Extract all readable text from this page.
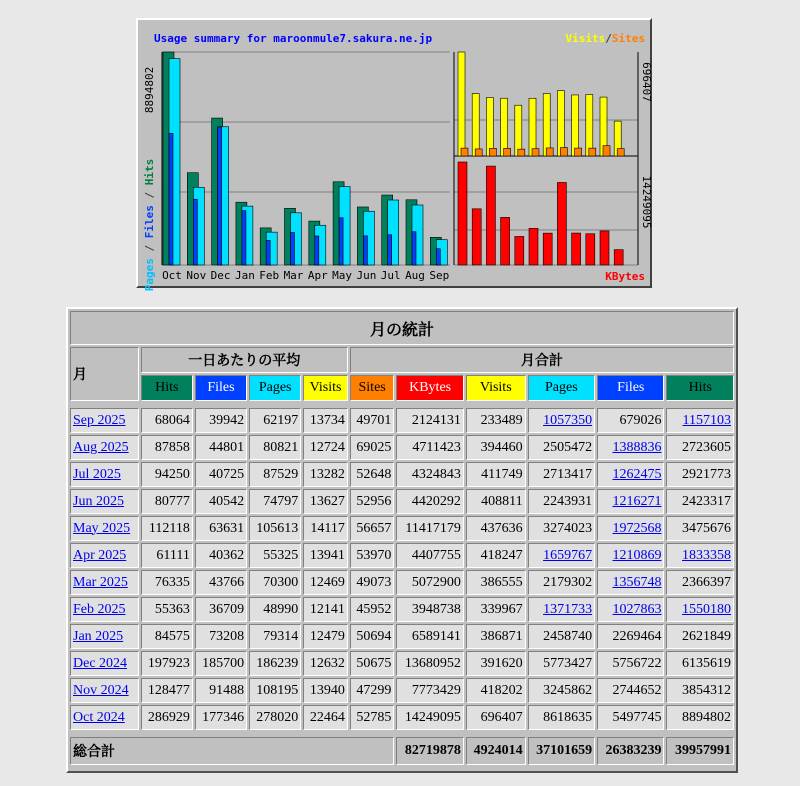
Usage summary for maroonmule7.sakura.ne.jp	Visits/Sites
KBytes
8894802	696407
14249095
Pages / Files / Hits
Oct Nov Dec Jan Feb Mar Apr May Jun Jul Aug Sep
月の統計										
月	一日あたりの平均				月合計					
	Hits	Files	Pages	Visits	Sites	KBytes	Visits	Pages	Files	Hits

Sep 2025	68064	39942	62197	13734	49701	2124131	233489	1057350	679026	1157103
Aug 2025	87858	44801	80821	12724	69025	4711423	394460	2505472	1388836	2723605
Jul 2025	94250	40725	87529	13282	52648	4324843	411749	2713417	1262475	2921773
Jun 2025	80777	40542	74797	13627	52956	4420292	408811	2243931	1216271	2423317
May 2025	112118	63631	105613	14117	56657	11417179	437636	3274023	1972568	3475676
Apr 2025	61111	40362	55325	13941	53970	4407755	418247	1659767	1210869	1833358
Mar 2025	76335	43766	70300	12469	49073	5072900	386555	2179302	1356748	2366397
Feb 2025	55363	36709	48990	12141	45952	3948738	339967	1371733	1027863	1550180
Jan 2025	84575	73208	79314	12479	50694	6589141	386871	2458740	2269464	2621849
Dec 2024	197923	185700	186239	12632	50675	13680952	391620	5773427	5756722	6135619
Nov 2024	128477	91488	108195	13940	47299	7773429	418202	3245862	2744652	3854312
Oct 2024	286929	177346	278020	22464	52785	14249095	696407	8618635	5497745	8894802

総合計						82719878	4924014	37101659	26383239	39957991
